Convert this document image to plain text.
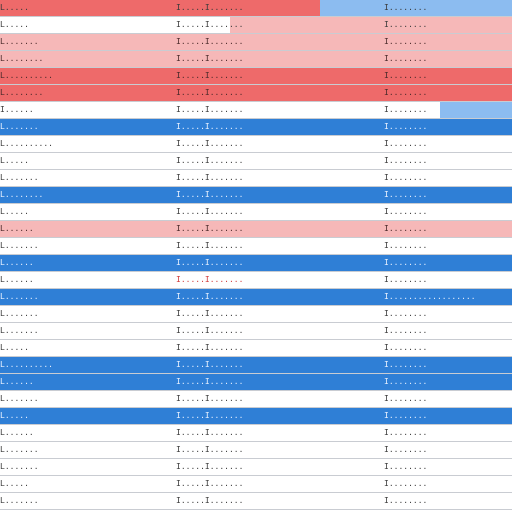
L.....	I.....I.......	I........
L.....	I.....I.......	I........
L.......	I.....I.......	I........
L........	I.....I.......	I........
L..........	I.....I.......	I........
L........	I.....I.......	I........
I......	I.....I.......	I........
L.......	I.....I.......	I........
L..........	I.....I.......	I........
L.....	I.....I.......	I........
L.......	I.....I.......	I........
L........	I.....I.......	I........
L.....	I.....I.......	I........
L......	I.....I.......	I........
L.......	I.....I.......	I........
L......	I.....I.......	I........
L......	I.....I.......	I........
L.......	I.....I.......	I..................
L.......	I.....I.......	I........
L.......	I.....I.......	I........
L.....	I.....I.......	I........
L..........	I.....I.......	I........
L......	I.....I.......	I........
L.......	I.....I.......	I........
L.....	I.....I.......	I........
L......	I.....I.......	I........
L.......	I.....I.......	I........
L.......	I.....I.......	I........
L.....	I.....I.......	I........
L.......	I.....I.......	I........
